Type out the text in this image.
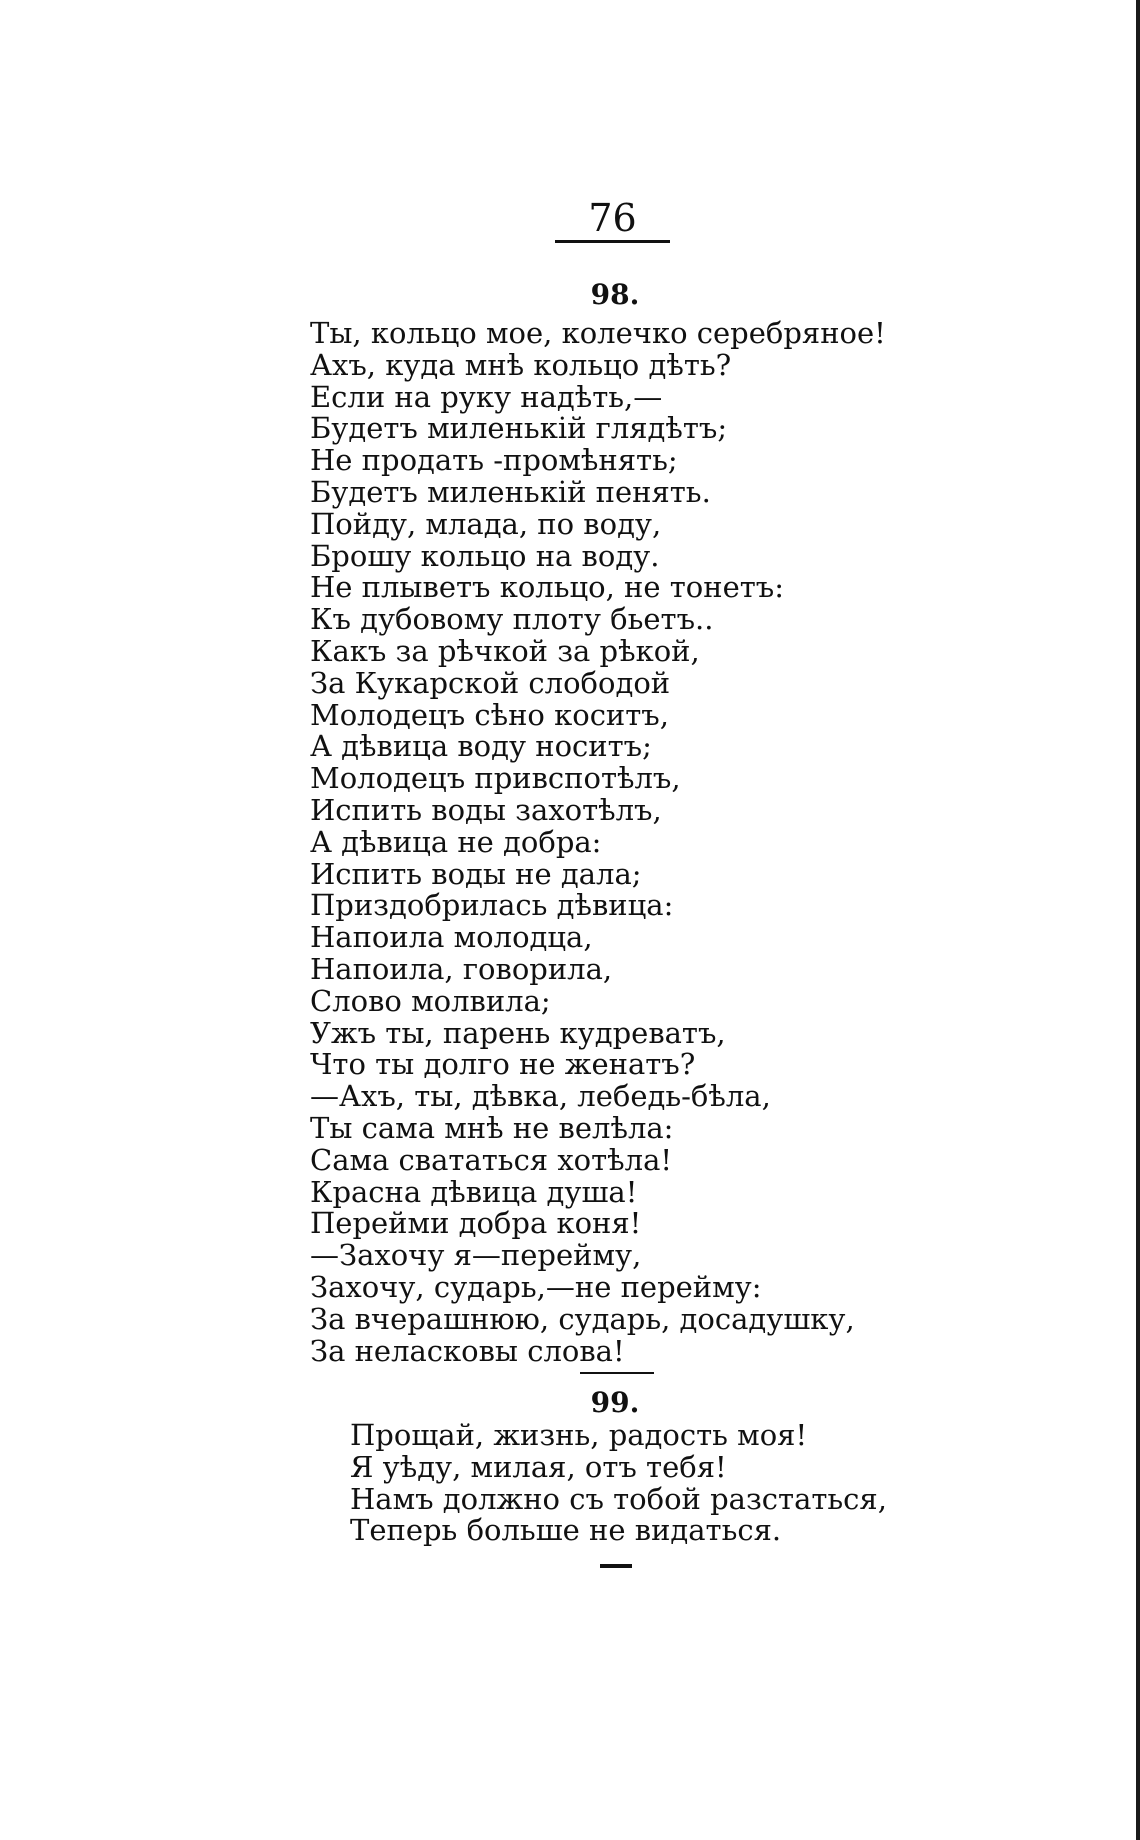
76
98.
Ты, кольцо мое, колечко серебряное!
Ахъ, куда мнѣ кольцо дѣть?
Если на руку надѣть,—
Будетъ миленькій глядѣтъ;
Не продать -промѣнять;
Будетъ миленькій пенять.
Пойду, млада, по воду,
Брошу кольцо на воду.
Не плыветъ кольцо, не тонетъ:
Къ дубовому плоту бьетъ..
Какъ за рѣчкой за рѣкой,
За Кукарской слободой
Молодецъ сѣно коситъ,
А дѣвица воду носитъ;
Молодецъ привспотѣлъ,
Испить воды захотѣлъ,
А дѣвица не добра:
Испить воды не дала;
Приздобрилась дѣвица:
Напоила молодца,
Напоила, говорила,
Слово молвила;
Ужъ ты, парень кудреватъ,
Что ты долго не женатъ?
—Ахъ, ты, дѣвка, лебедь-бѣла,
Ты сама мнѣ не велѣла:
Сама свататься хотѣла!
Красна дѣвица душа!
Перейми добра коня!
—Захочу я—перейму,
Захочу, сударь,—не перейму:
За вчерашнюю, сударь, досадушку,
За неласковы слова!
99.
Прощай, жизнь, радость моя!
Я уѣду, милая, отъ тебя!
Намъ должно съ тобой разстаться,
Теперь больше не видаться.
